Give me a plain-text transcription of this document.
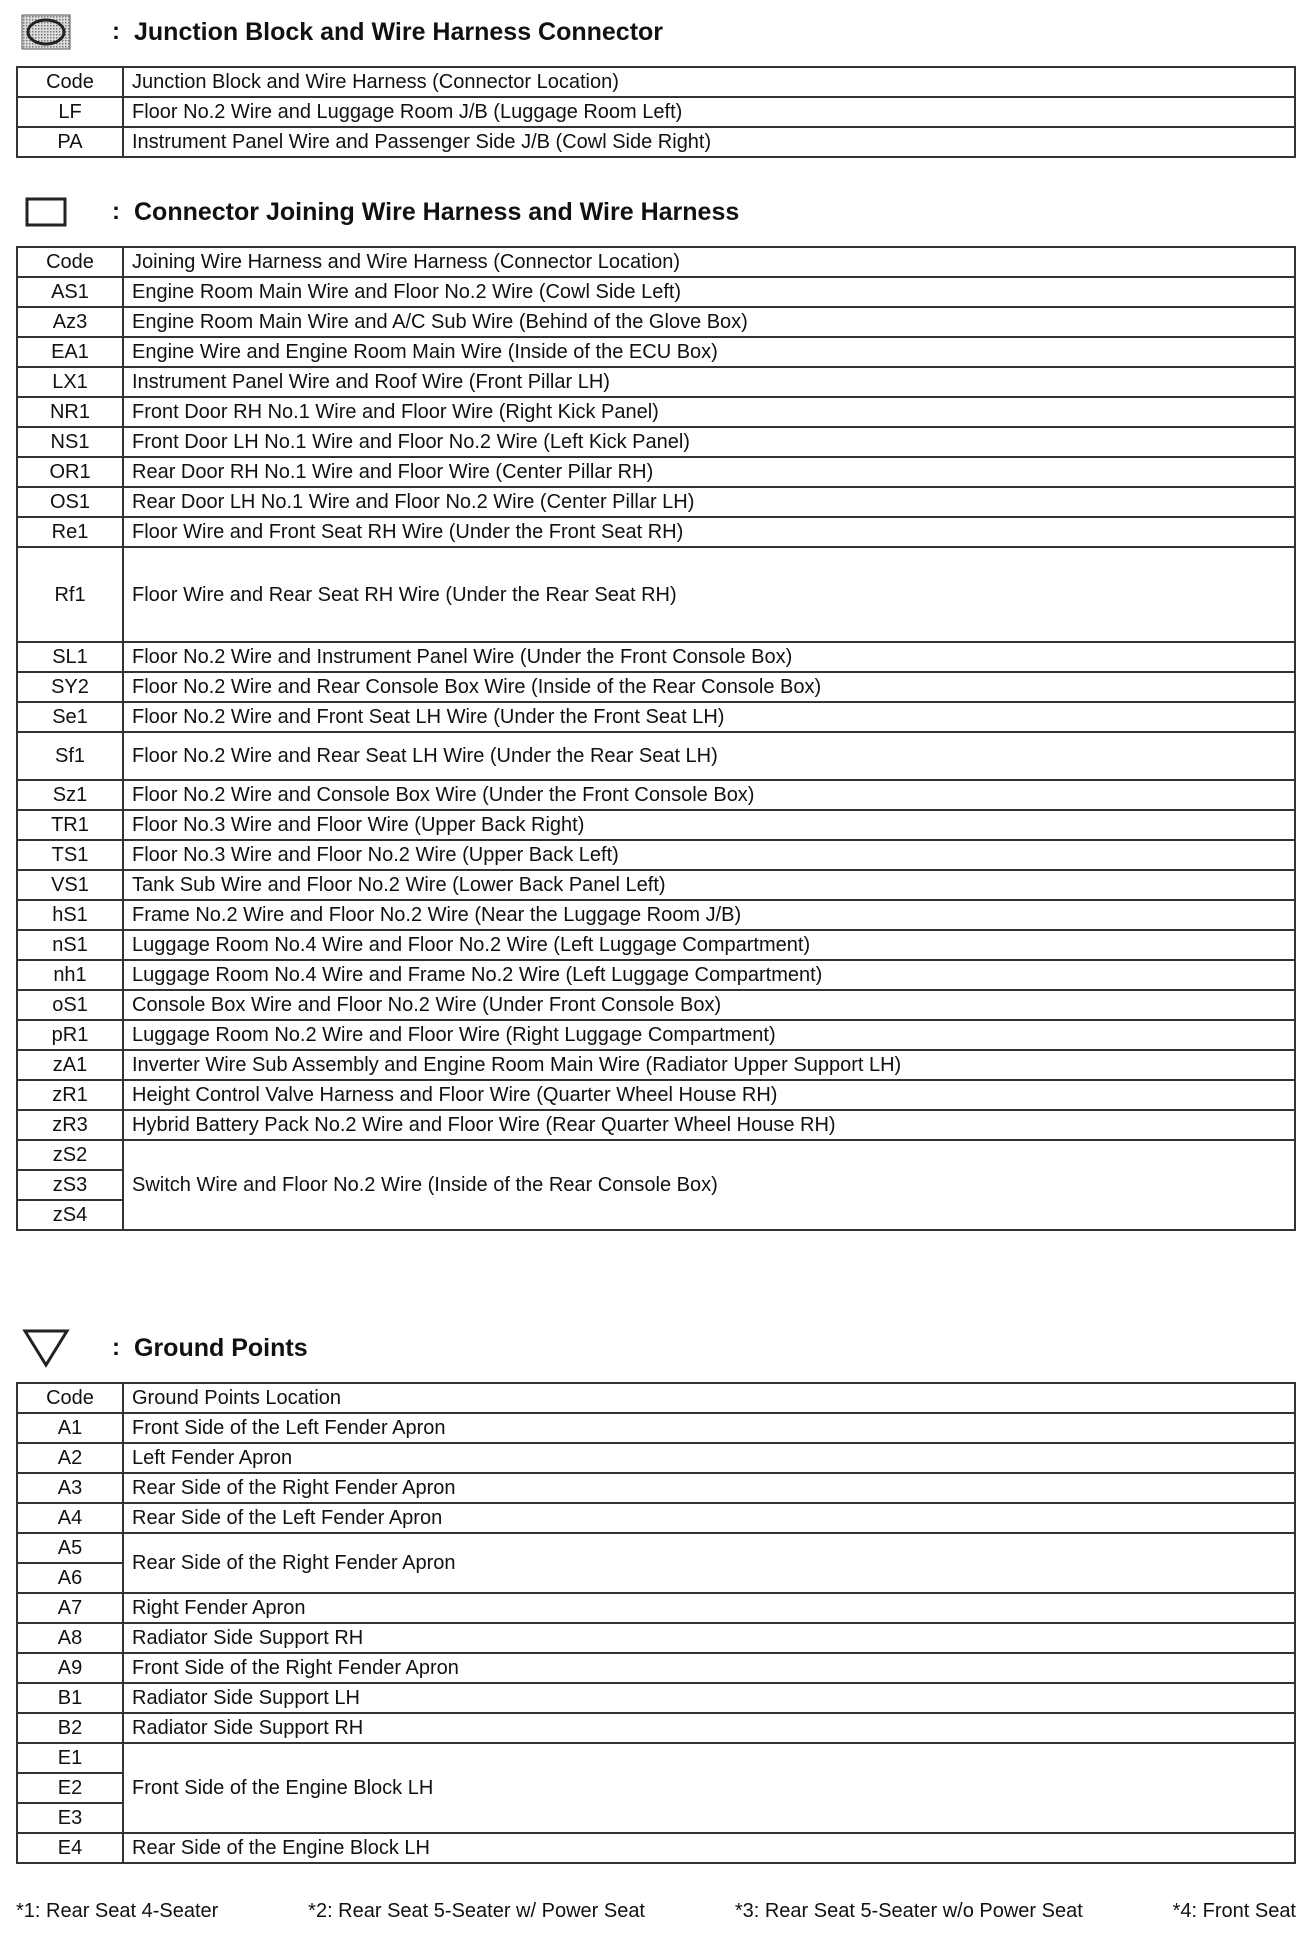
: Junction Block and Wire Harness Connector
Code	Junction Block and Wire Harness (Connector Location)
LF	Floor No.2 Wire and Luggage Room J/B (Luggage Room Left)
PA	Instrument Panel Wire and Passenger Side J/B (Cowl Side Right)
: Connector Joining Wire Harness and Wire Harness
Code	Joining Wire Harness and Wire Harness (Connector Location)
AS1	Engine Room Main Wire and Floor No.2 Wire (Cowl Side Left)
Az3	Engine Room Main Wire and A/C Sub Wire (Behind of the Glove Box)
EA1	Engine Wire and Engine Room Main Wire (Inside of the ECU Box)
LX1	Instrument Panel Wire and Roof Wire (Front Pillar LH)
NR1	Front Door RH No.1 Wire and Floor Wire (Right Kick Panel)
NS1	Front Door LH No.1 Wire and Floor No.2 Wire (Left Kick Panel)
OR1	Rear Door RH No.1 Wire and Floor Wire (Center Pillar RH)
OS1	Rear Door LH No.1 Wire and Floor No.2 Wire (Center Pillar LH)
Re1	Floor Wire and Front Seat RH Wire (Under the Front Seat RH)
Rf1	Floor Wire and Rear Seat RH Wire (Under the Rear Seat RH)
SL1	Floor No.2 Wire and Instrument Panel Wire (Under the Front Console Box)
SY2	Floor No.2 Wire and Rear Console Box Wire (Inside of the Rear Console Box)
Se1	Floor No.2 Wire and Front Seat LH Wire (Under the Front Seat LH)
Sf1	Floor No.2 Wire and Rear Seat LH Wire (Under the Rear Seat LH)
Sz1	Floor No.2 Wire and Console Box Wire (Under the Front Console Box)
TR1	Floor No.3 Wire and Floor Wire (Upper Back Right)
TS1	Floor No.3 Wire and Floor No.2 Wire (Upper Back Left)
VS1	Tank Sub Wire and Floor No.2 Wire (Lower Back Panel Left)
hS1	Frame No.2 Wire and Floor No.2 Wire (Near the Luggage Room J/B)
nS1	Luggage Room No.4 Wire and Floor No.2 Wire (Left Luggage Compartment)
nh1	Luggage Room No.4 Wire and Frame No.2 Wire (Left Luggage Compartment)
oS1	Console Box Wire and Floor No.2 Wire (Under Front Console Box)
pR1	Luggage Room No.2 Wire and Floor Wire (Right Luggage Compartment)
zA1	Inverter Wire Sub Assembly and Engine Room Main Wire (Radiator Upper Support LH)
zR1	Height Control Valve Harness and Floor Wire (Quarter Wheel House RH)
zR3	Hybrid Battery Pack No.2 Wire and Floor Wire (Rear Quarter Wheel House RH)
zS2	Switch Wire and Floor No.2 Wire (Inside of the Rear Console Box)
zS3	
zS4	
: Ground Points
Code	Ground Points Location
A1	Front Side of the Left Fender Apron
A2	Left Fender Apron
A3	Rear Side of the Right Fender Apron
A4	Rear Side of the Left Fender Apron
A5	Rear Side of the Right Fender Apron
A6	
A7	Right Fender Apron
A8	Radiator Side Support RH
A9	Front Side of the Right Fender Apron
B1	Radiator Side Support LH
B2	Radiator Side Support RH
E1	Front Side of the Engine Block LH
E2	
E3	
E4	Rear Side of the Engine Block LH
*1: Rear Seat 4-Seater	*2: Rear Seat 5-Seater w/ Power Seat	*3: Rear Seat 5-Seater w/o Power Seat	*4: Front Seat
